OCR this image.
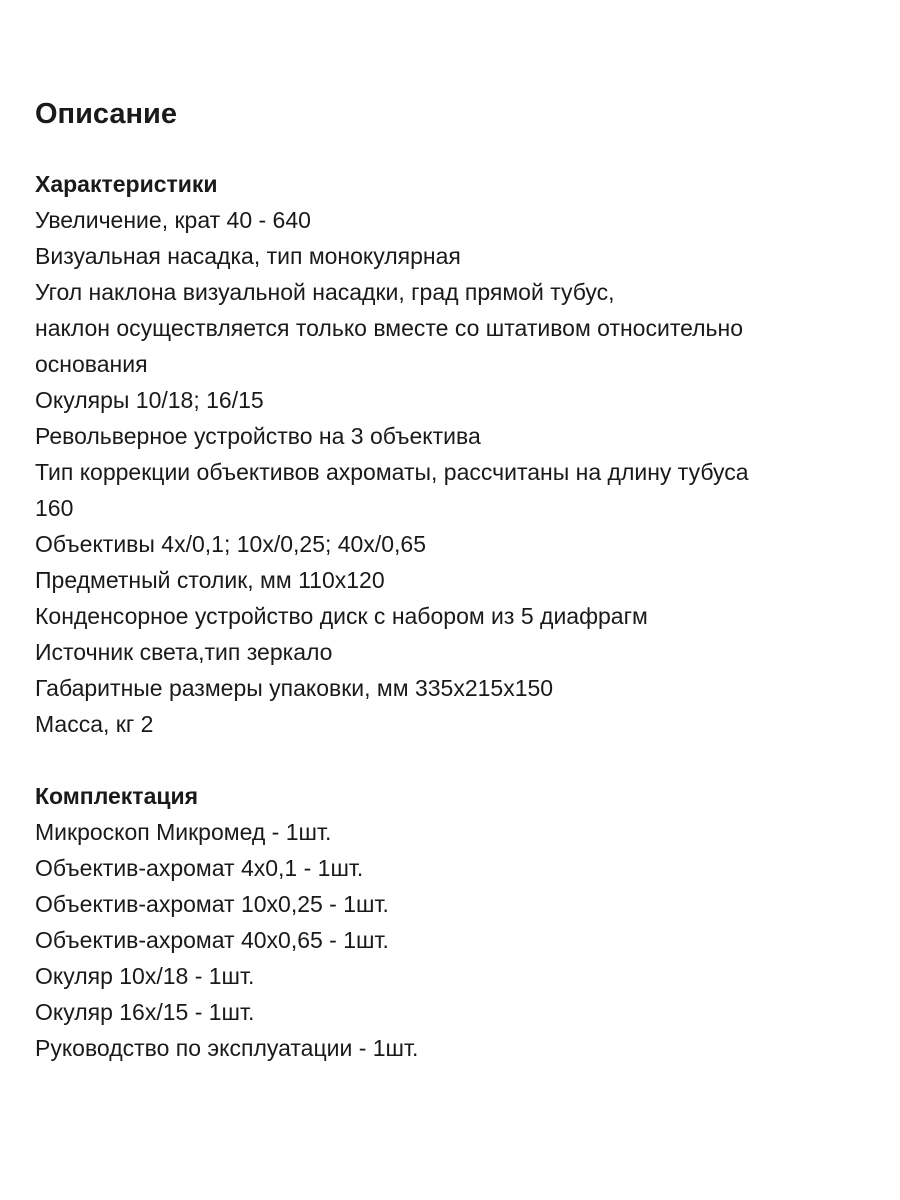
Описание
Характеристики

Увеличение, крат 40 - 640

Визуальная насадка, тип монокулярная

Угол наклона визуальной насадки, град прямой тубус,

наклон осуществляется только вместе со штативом относительно

основания

Окуляры 10/18; 16/15

Револьверное устройство на 3 объектива

Тип коррекции объективов ахроматы, рассчитаны на длину тубуса

160

Объективы 4х/0,1; 10х/0,25; 40х/0,65

Предметный столик, мм 110х120

Конденсорное устройство диск с набором из 5 диафрагм

Источник света,тип зеркало

Габаритные размеры упаковки, мм 335х215х150

Масса, кг 2

Комплектация

Микроскоп Микромед - 1шт.

Объектив-ахромат 4х0,1 - 1шт.

Объектив-ахромат 10х0,25 - 1шт.

Объектив-ахромат 40х0,65 - 1шт.

Окуляр 10х/18 - 1шт.

Окуляр 16х/15 - 1шт.

Руководство по эксплуатации - 1шт.
